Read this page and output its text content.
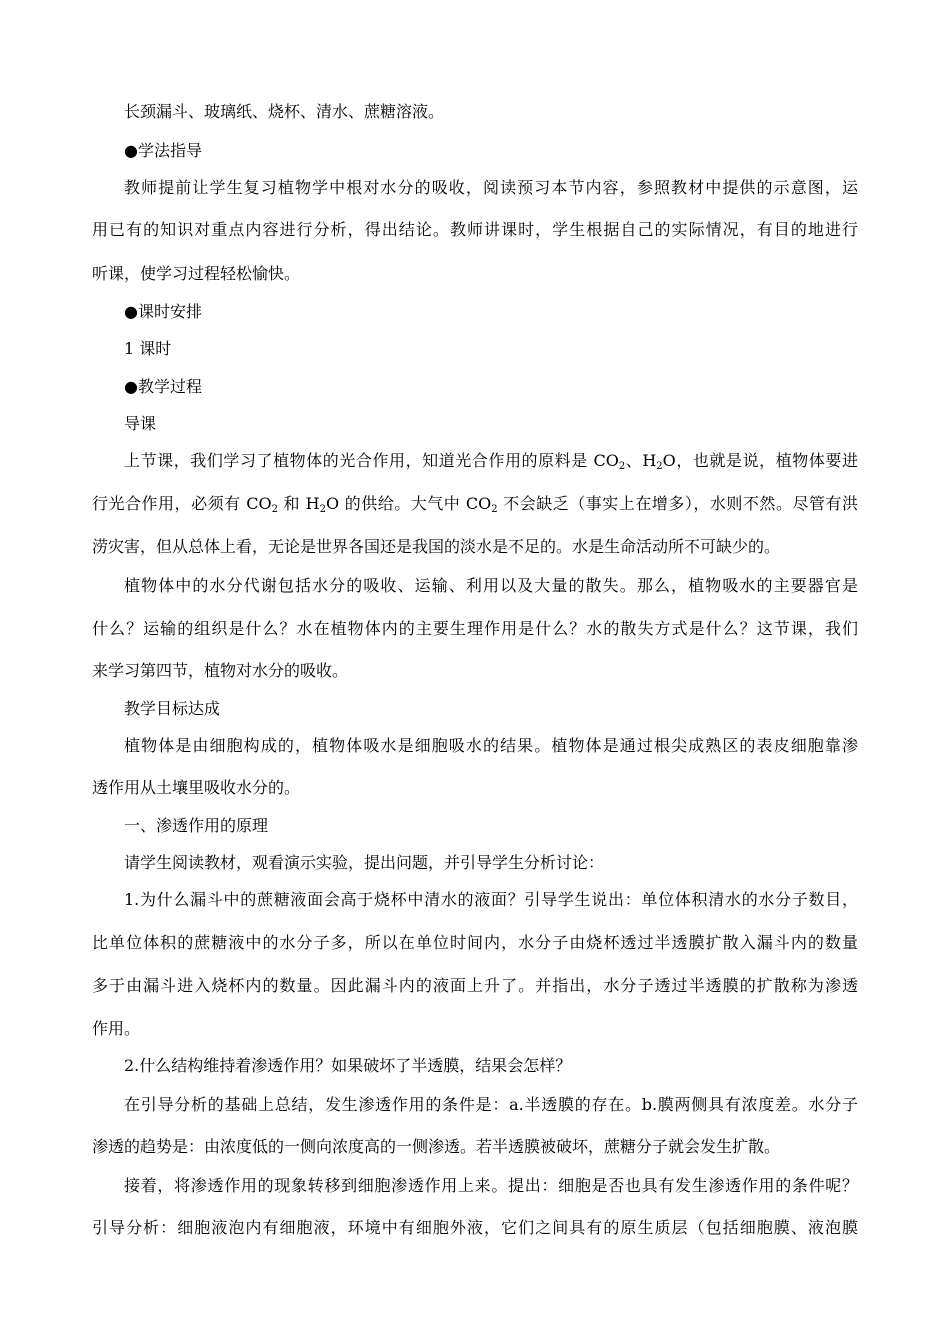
长颈漏斗、玻璃纸、烧杯、清水、蔗糖溶液。
●学法指导
教师提前让学生复习植物学中根对水分的吸收，阅读预习本节内容，参照教材中提供的示意图，运
用已有的知识对重点内容进行分析，得出结论。教师讲课时，学生根据自己的实际情况，有目的地进行
听课，使学习过程轻松愉快。
●课时安排
1 课时
●教学过程
导课
上节课，我们学习了植物体的光合作用，知道光合作用的原料是 $CO_2$、$H_2O$，也就是说，植物体要进
行光合作用，必须有 $CO_2$ 和 $H_2O$ 的供给。大气中 $CO_2$ 不会缺乏（事实上在增多），水则不然。尽管有洪
涝灾害，但从总体上看，无论是世界各国还是我国的淡水是不足的。水是生命活动所不可缺少的。
植物体中的水分代谢包括水分的吸收、运输、利用以及大量的散失。那么，植物吸水的主要器官是
什么？运输的组织是什么？水在植物体内的主要生理作用是什么？水的散失方式是什么？这节课，我们
来学习第四节，植物对水分的吸收。
教学目标达成
植物体是由细胞构成的，植物体吸水是细胞吸水的结果。植物体是通过根尖成熟区的表皮细胞靠渗
透作用从土壤里吸收水分的。
一、渗透作用的原理
请学生阅读教材，观看演示实验，提出问题，并引导学生分析讨论：
1.为什么漏斗中的蔗糖液面会高于烧杯中清水的液面？引导学生说出：单位体积清水的水分子数目，
比单位体积的蔗糖液中的水分子多，所以在单位时间内，水分子由烧杯透过半透膜扩散入漏斗内的数量
多于由漏斗进入烧杯内的数量。因此漏斗内的液面上升了。并指出，水分子透过半透膜的扩散称为渗透
作用。
2.什么结构维持着渗透作用？如果破坏了半透膜，结果会怎样？
在引导分析的基础上总结，发生渗透作用的条件是：a.半透膜的存在。b.膜两侧具有浓度差。水分子
渗透的趋势是：由浓度低的一侧向浓度高的一侧渗透。若半透膜被破坏，蔗糖分子就会发生扩散。
接着，将渗透作用的现象转移到细胞渗透作用上来。提出：细胞是否也具有发生渗透作用的条件呢？
引导分析：细胞液泡内有细胞液，环境中有细胞外液，它们之间具有的原生质层（包括细胞膜、液泡膜
